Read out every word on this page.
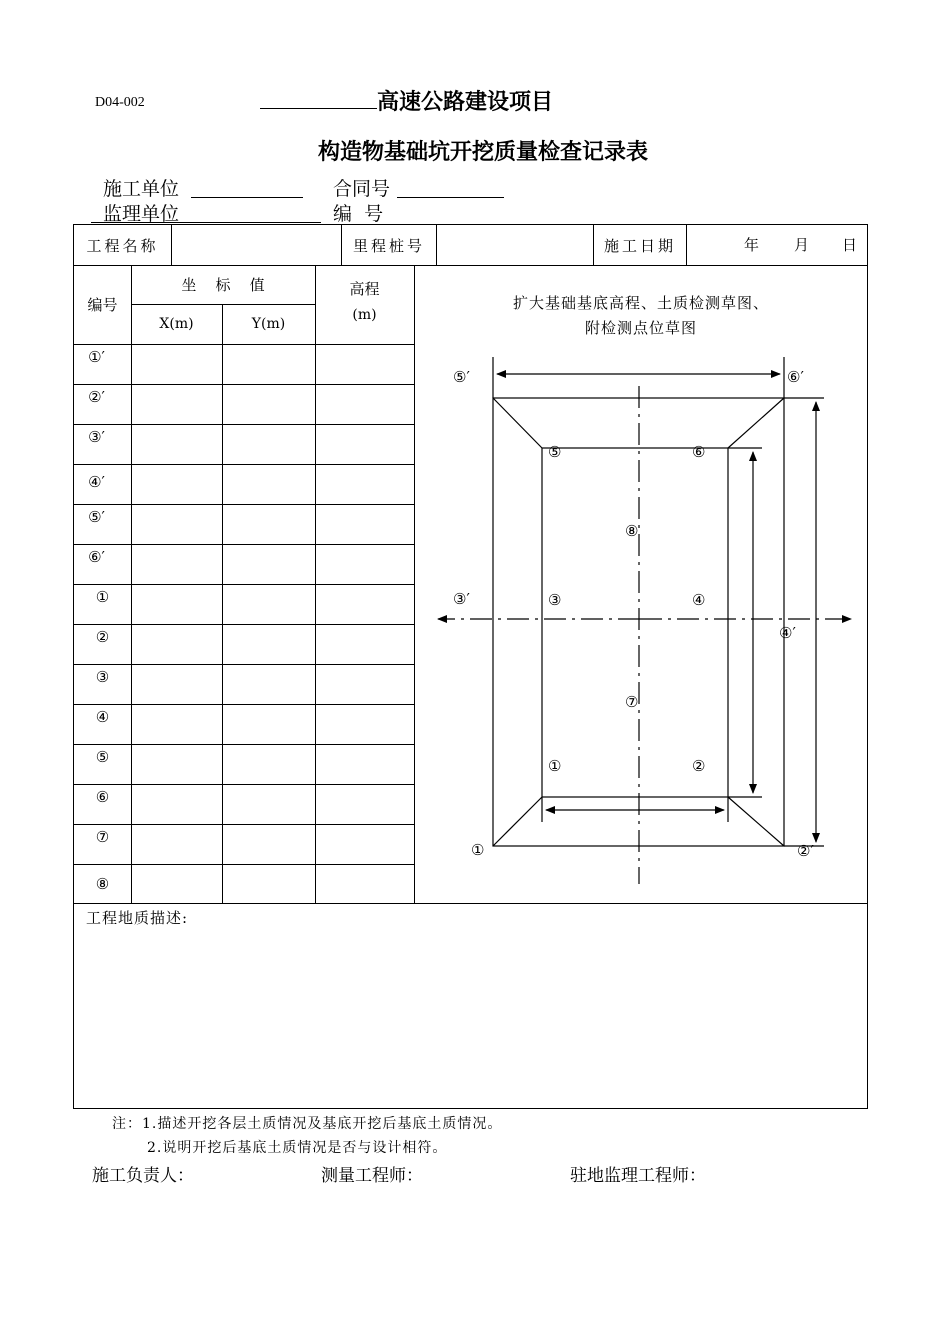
D04-002	高速公路建设项目
构造物基础坑开挖质量检查记录表
施工单位	合同号
监理单位	编  号
工程名称	里程桩号	施工日期	年 月 日
编号
坐    标    值
X(m)	Y(m)
高程
(m)
①′
②′
③′
④′
⑤′
⑥′
①
②
③
④
⑤
⑥
⑦
⑧
扩大基础基底高程、土质检测草图、
附检测点位草图
工程地质描述:
⑤′	⑥′
③′
④′
①	②′
⑤	⑥
⑧
③	④
⑦
①	②
注：1.描述开挖各层土质情况及基底开挖后基底土质情况。
2.说明开挖后基底土质情况是否与设计相符。
施工负责人：	测量工程师：	驻地监理工程师：
